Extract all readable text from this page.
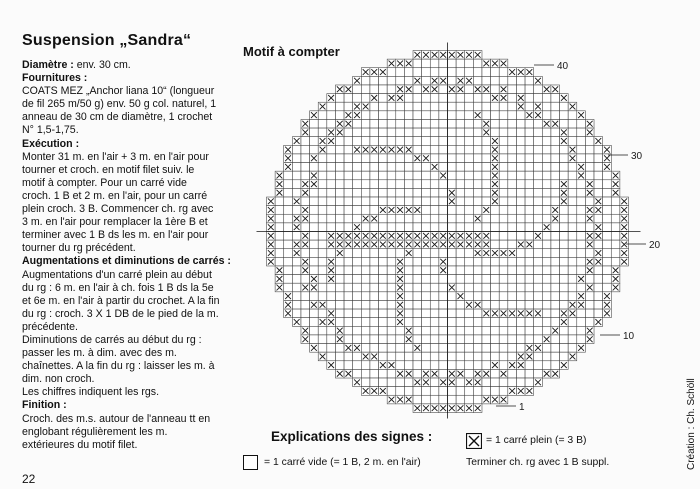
Suspension „Sandra“
Diamètre : env. 30 cm.
Fournitures :
COATS MEZ „Anchor liana 10“ (longueur
de fil 265 m/50 g) env. 50 g col. naturel, 1
anneau de 30 cm de diamètre, 1 crochet
N° 1,5-1,75.
Exécution :
Monter 31 m. en l'air + 3 m. en l'air pour
tourner et croch. en motif filet suiv. le
motif à compter. Pour un carré vide
croch. 1 B et 2 m. en l'air, pour un carré
plein croch. 3 B. Commencer ch. rg avec
3 m. en l'air pour remplacer la 1ère B et
terminer avec 1 B ds les m. en l'air pour
tourner du rg précédent.
Augmentations et diminutions de carrés :
Augmentations d'un carré plein au début
du rg : 6 m. en l'air à ch. fois 1 B ds la 5e
et 6e m. en l'air à partir du crochet. A la fin
du rg : croch. 3 X 1 DB de le pied de la m.
précédente.
Diminutions de carrés au début du rg :
passer les m. à dim. avec des m.
chaînettes. A la fin du rg : laisser les m. à
dim. non croch.
Les chiffres indiquent les rgs.
Finition :
Croch. des m.s. autour de l'anneau tt en
englobant régulièrement les m.
extérieures du motif filet.
22
Motif à compter
40
30
20
10
1
Explications des signes :	= 1 carré plein (= 3 B)
= 1 carré vide (= 1 B, 2 m. en l'air)	Terminer ch. rg avec 1 B suppl.	Création : Ch. Schöll
